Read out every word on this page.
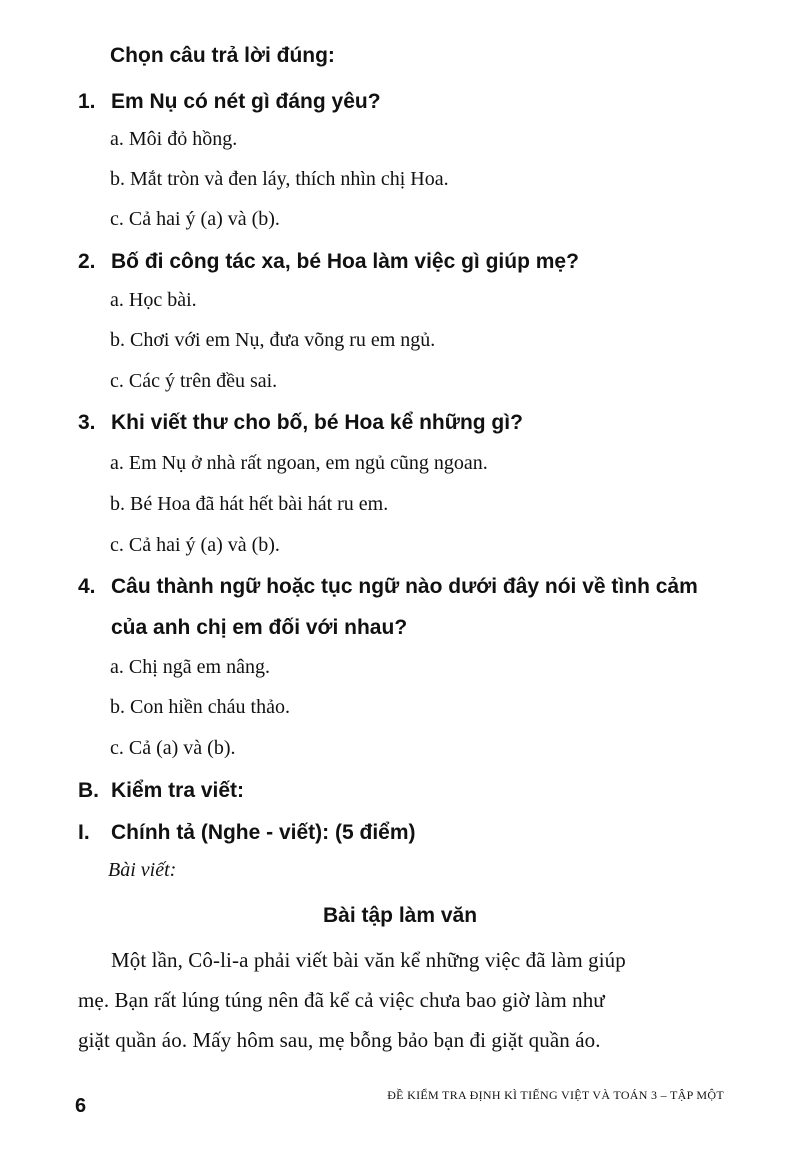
Chọn câu trả lời đúng:
1. Em Nụ có nét gì đáng yêu?
a. Môi đỏ hồng.
b. Mắt tròn và đen láy, thích nhìn chị Hoa.
c. Cả hai ý (a) và (b).
2. Bố đi công tác xa, bé Hoa làm việc gì giúp mẹ?
a. Học bài.
b. Chơi với em Nụ, đưa võng ru em ngủ.
c. Các ý trên đều sai.
3. Khi viết thư cho bố, bé Hoa kể những gì?
a. Em Nụ ở nhà rất ngoan, em ngủ cũng ngoan.
b. Bé Hoa đã hát hết bài hát ru em.
c. Cả hai ý (a) và (b).
4. Câu thành ngữ hoặc tục ngữ nào dưới đây nói về tình cảm
của anh chị em đối với nhau?
a. Chị ngã em nâng.
b. Con hiền cháu thảo.
c. Cả (a) và (b).
B. Kiểm tra viết:
I. Chính tả (Nghe - viết): (5 điểm)
Bài viết:
Bài tập làm văn
Một lần, Cô-li-a phải viết bài văn kể những việc đã làm giúp
mẹ. Bạn rất lúng túng nên đã kể cả việc chưa bao giờ làm như
giặt quần áo. Mấy hôm sau, mẹ bỗng bảo bạn đi giặt quần áo.
6	ĐỀ KIỂM TRA ĐỊNH KÌ TIẾNG VIỆT VÀ TOÁN 3 – TẬP MỘT
